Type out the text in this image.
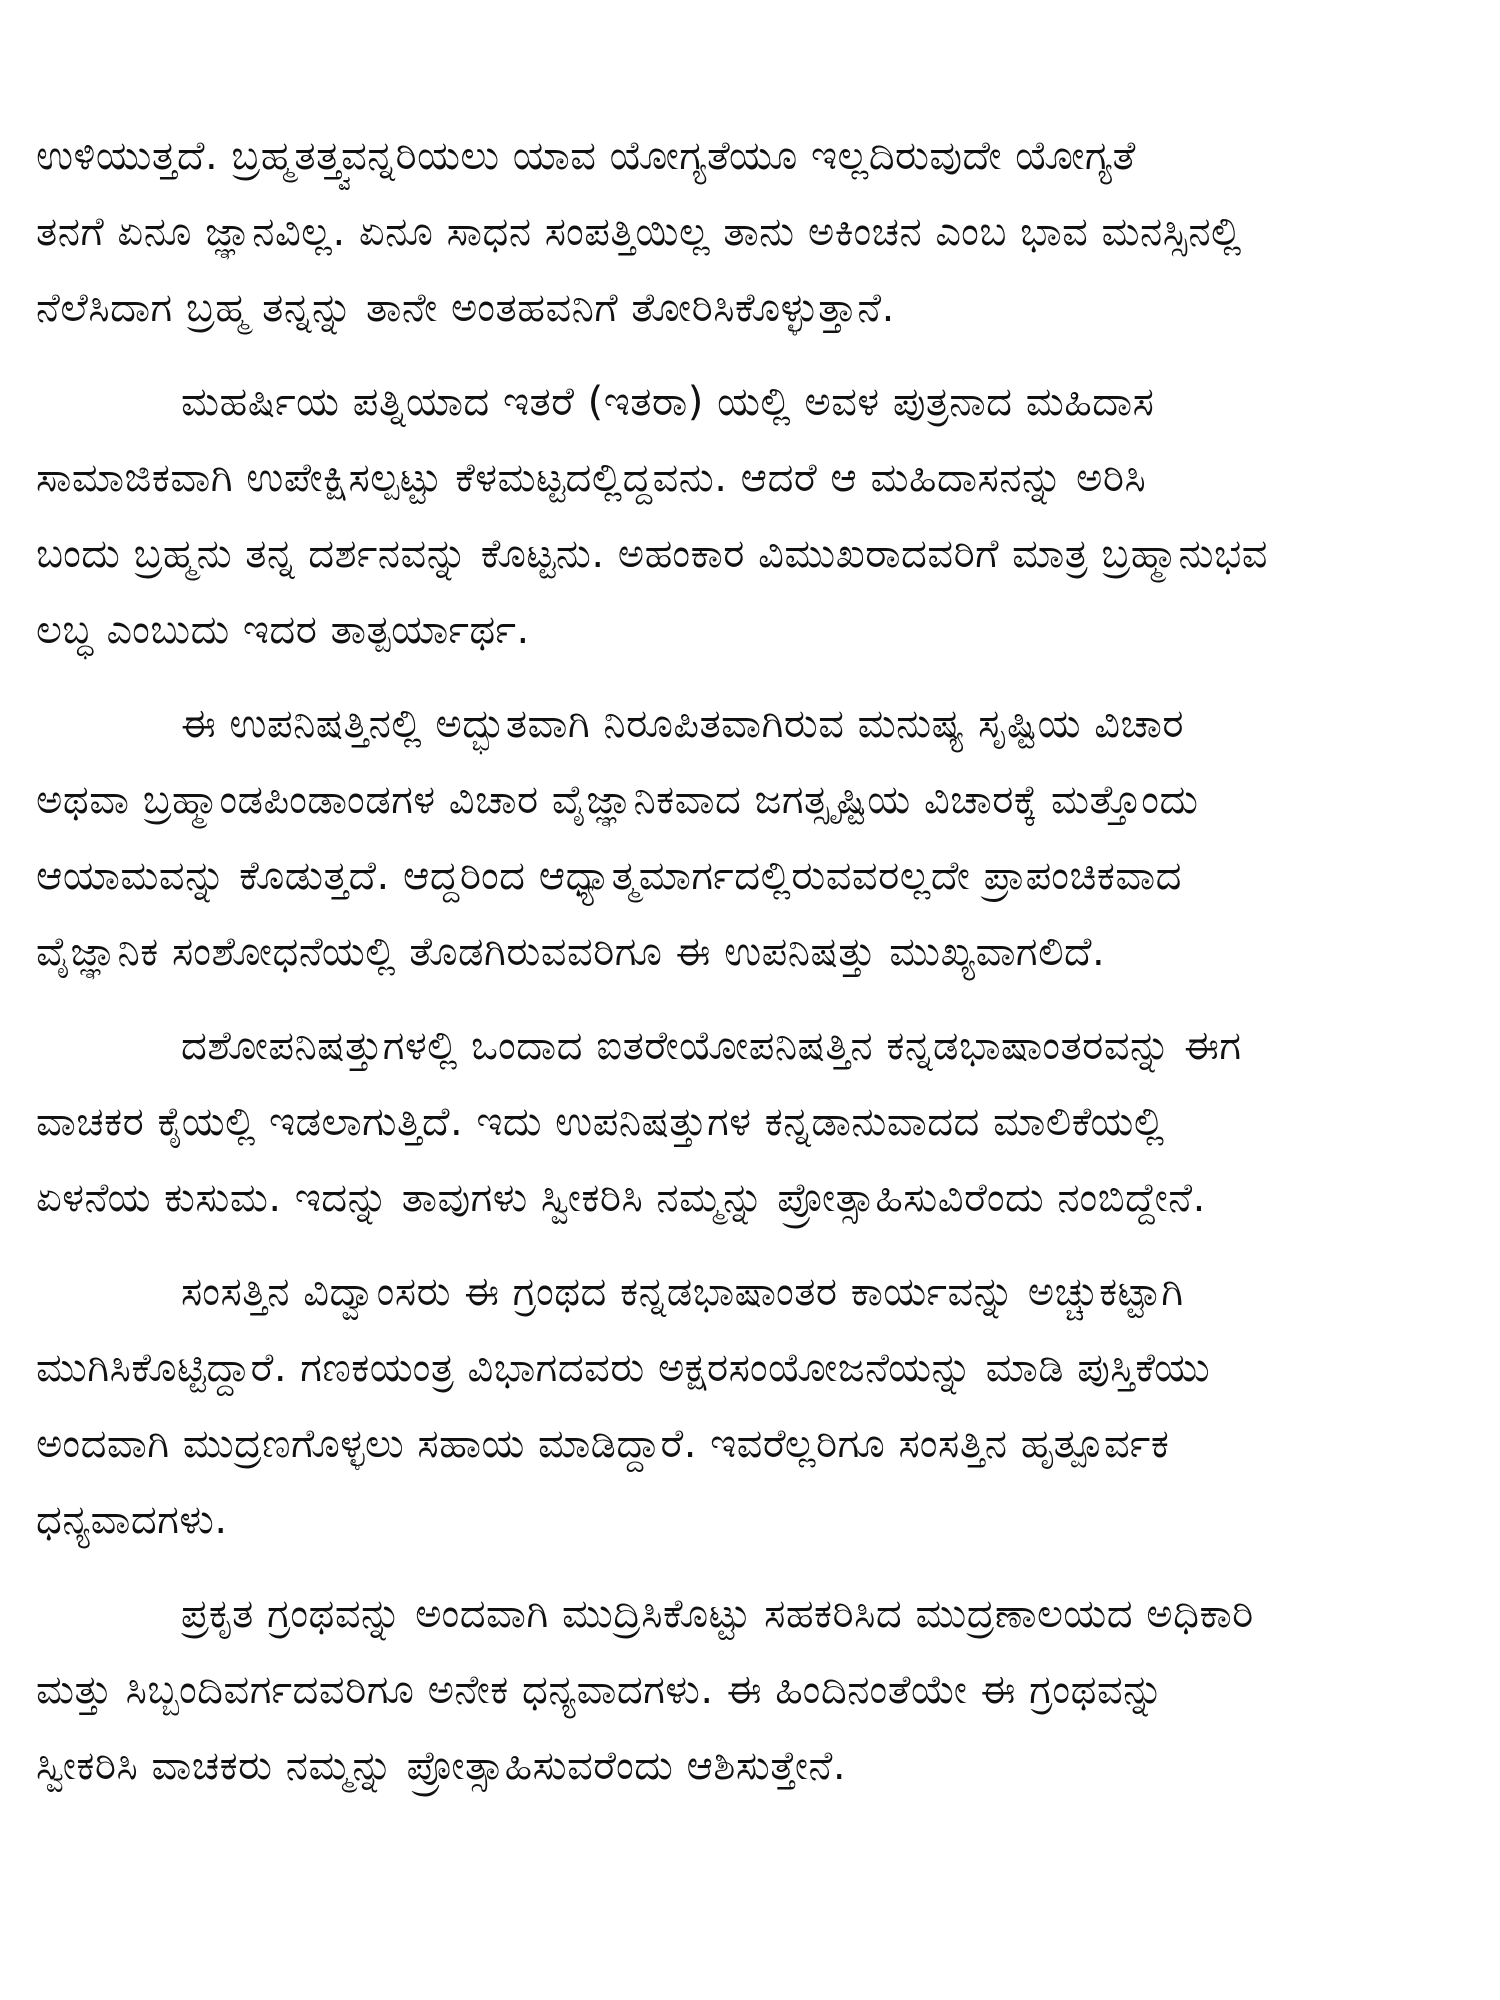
ಉಳಿಯುತ್ತದೆ. ಬ್ರಹ್ಮತತ್ತ್ವವನ್ನರಿಯಲು ಯಾವ ಯೋಗ್ಯತೆಯೂ ಇಲ್ಲದಿರುವುದೇ ಯೋಗ್ಯತೆ
ತನಗೆ ಏನೂ ಜ್ಞಾನವಿಲ್ಲ. ಏನೂ ಸಾಧನ ಸಂಪತ್ತಿಯಿಲ್ಲ ತಾನು ಅಕಿಂಚನ ಎಂಬ ಭಾವ ಮನಸ್ಸಿನಲ್ಲಿ
ನೆಲೆಸಿದಾಗ ಬ್ರಹ್ಮ ತನ್ನನ್ನು ತಾನೇ ಅಂತಹವನಿಗೆ ತೋರಿಸಿಕೊಳ್ಳುತ್ತಾನೆ.
ಮಹರ್ಷಿಯ ಪತ್ನಿಯಾದ ಇತರೆ (ಇತರಾ) ಯಲ್ಲಿ ಅವಳ ಪುತ್ರನಾದ ಮಹಿದಾಸ
ಸಾಮಾಜಿಕವಾಗಿ ಉಪೇಕ್ಷಿಸಲ್ಪಟ್ಟು ಕೆಳಮಟ್ಟದಲ್ಲಿದ್ದವನು. ಆದರೆ ಆ ಮಹಿದಾಸನನ್ನು ಅರಿಸಿ
ಬಂದು ಬ್ರಹ್ಮನು ತನ್ನ ದರ್ಶನವನ್ನು ಕೊಟ್ಟನು. ಅಹಂಕಾರ ವಿಮುಖರಾದವರಿಗೆ ಮಾತ್ರ ಬ್ರಹ್ಮಾನುಭವ
ಲಬ್ಧ ಎಂಬುದು ಇದರ ತಾತ್ಪರ್ಯಾರ್ಥ.
ಈ ಉಪನಿಷತ್ತಿನಲ್ಲಿ ಅದ್ಭುತವಾಗಿ ನಿರೂಪಿತವಾಗಿರುವ ಮನುಷ್ಯ ಸೃಷ್ಟಿಯ ವಿಚಾರ
ಅಥವಾ ಬ್ರಹ್ಮಾಂಡಪಿಂಡಾಂಡಗಳ ವಿಚಾರ ವೈಜ್ಞಾನಿಕವಾದ ಜಗತ್ಸೃಷ್ಟಿಯ ವಿಚಾರಕ್ಕೆ ಮತ್ತೊಂದು
ಆಯಾಮವನ್ನು ಕೊಡುತ್ತದೆ. ಆದ್ದರಿಂದ ಆಧ್ಯಾತ್ಮಮಾರ್ಗದಲ್ಲಿರುವವರಲ್ಲದೇ ಪ್ರಾಪಂಚಿಕವಾದ
ವೈಜ್ಞಾನಿಕ ಸಂಶೋಧನೆಯಲ್ಲಿ ತೊಡಗಿರುವವರಿಗೂ ಈ ಉಪನಿಷತ್ತು ಮುಖ್ಯವಾಗಲಿದೆ.
ದಶೋಪನಿಷತ್ತುಗಳಲ್ಲಿ ಒಂದಾದ ಐತರೇಯೋಪನಿಷತ್ತಿನ ಕನ್ನಡಭಾಷಾಂತರವನ್ನು ಈಗ
ವಾಚಕರ ಕೈಯಲ್ಲಿ ಇಡಲಾಗುತ್ತಿದೆ. ಇದು ಉಪನಿಷತ್ತುಗಳ ಕನ್ನಡಾನುವಾದದ ಮಾಲಿಕೆಯಲ್ಲಿ
ಏಳನೆಯ ಕುಸುಮ. ಇದನ್ನು ತಾವುಗಳು ಸ್ವೀಕರಿಸಿ ನಮ್ಮನ್ನು ಪ್ರೋತ್ಸಾಹಿಸುವಿರೆಂದು ನಂಬಿದ್ದೇನೆ.
ಸಂಸತ್ತಿನ ವಿದ್ವಾಂಸರು ಈ ಗ್ರಂಥದ ಕನ್ನಡಭಾಷಾಂತರ ಕಾರ್ಯವನ್ನು ಅಚ್ಚುಕಟ್ಟಾಗಿ
ಮುಗಿಸಿಕೊಟ್ಟಿದ್ದಾರೆ. ಗಣಕಯಂತ್ರ ವಿಭಾಗದವರು ಅಕ್ಷರಸಂಯೋಜನೆಯನ್ನು ಮಾಡಿ ಪುಸ್ತಿಕೆಯು
ಅಂದವಾಗಿ ಮುದ್ರಣಗೊಳ್ಳಲು ಸಹಾಯ ಮಾಡಿದ್ದಾರೆ. ಇವರೆಲ್ಲರಿಗೂ ಸಂಸತ್ತಿನ ಹೃತ್ಪೂರ್ವಕ
ಧನ್ಯವಾದಗಳು.
ಪ್ರಕೃತ ಗ್ರಂಥವನ್ನು ಅಂದವಾಗಿ ಮುದ್ರಿಸಿಕೊಟ್ಟು ಸಹಕರಿಸಿದ ಮುದ್ರಣಾಲಯದ ಅಧಿಕಾರಿ
ಮತ್ತು ಸಿಬ್ಬಂದಿವರ್ಗದವರಿಗೂ ಅನೇಕ ಧನ್ಯವಾದಗಳು. ಈ ಹಿಂದಿನಂತೆಯೇ ಈ ಗ್ರಂಥವನ್ನು
ಸ್ವೀಕರಿಸಿ ವಾಚಕರು ನಮ್ಮನ್ನು ಪ್ರೋತ್ಸಾಹಿಸುವರೆಂದು ಆಶಿಸುತ್ತೇನೆ.
